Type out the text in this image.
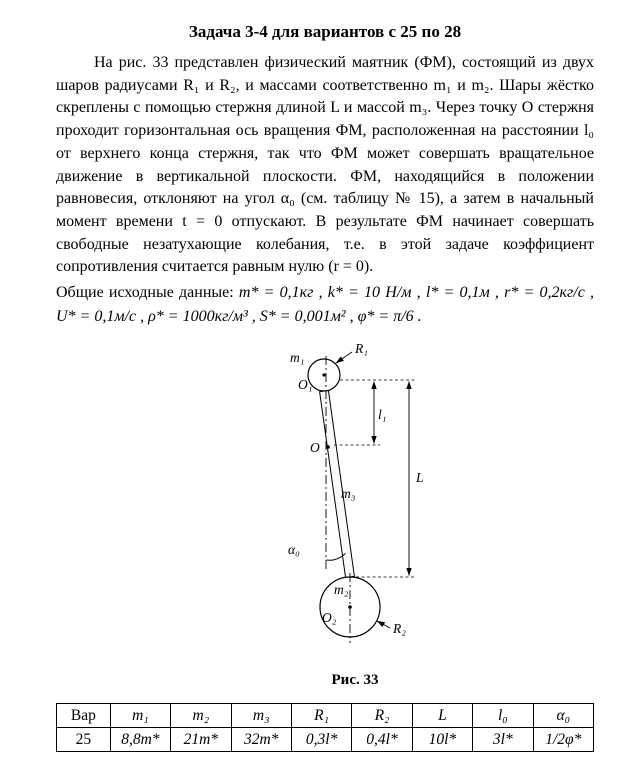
Задача 3-4 для вариантов с 25 по 28

На рис. 33 представлен физический маятник (ФМ), состоящий из двух шаров радиусами R₁ и R₂, и массами соответственно m₁ и m₂. Шары жёстко скреплены с помощью стержня длиной L и массой m₃. Через точку O стержня проходит горизонтальная ось вращения ФМ, расположенная на расстоянии l₀ от верхнего конца стержня, так что ФМ может совершать вращательное движение в вертикальной плоскости. ФМ, находящийся в положении равновесия, отклоняют на угол α₀ (см. таблицу № 15), а затем в начальный момент времени t = 0 отпускают. В результате ФМ начинает совершать свободные незатухающие колебания, т.е. в этой задаче коэффициент сопротивления считается равным нулю (r = 0).

Общие исходные данные: m* = 0,1кг , k* = 10 Н/м , l* = 0,1м , r* = 0,2кг/с , U* = 0,1м/с , ρ* = 1000кг/м³ , S* = 0,001м² , φ* = π/6 .

m₁
R₁
O₁
l₁
O
L
m₃
α₀
m₂
O₂
R₂
Рис. 33
Вар	m₁	m₂	m₃	R₁	R₂	L	l₀	α₀
25	8,8m*	21m*	32m*	0,3l*	0,4l*	10l*	3l*	1/2φ*
